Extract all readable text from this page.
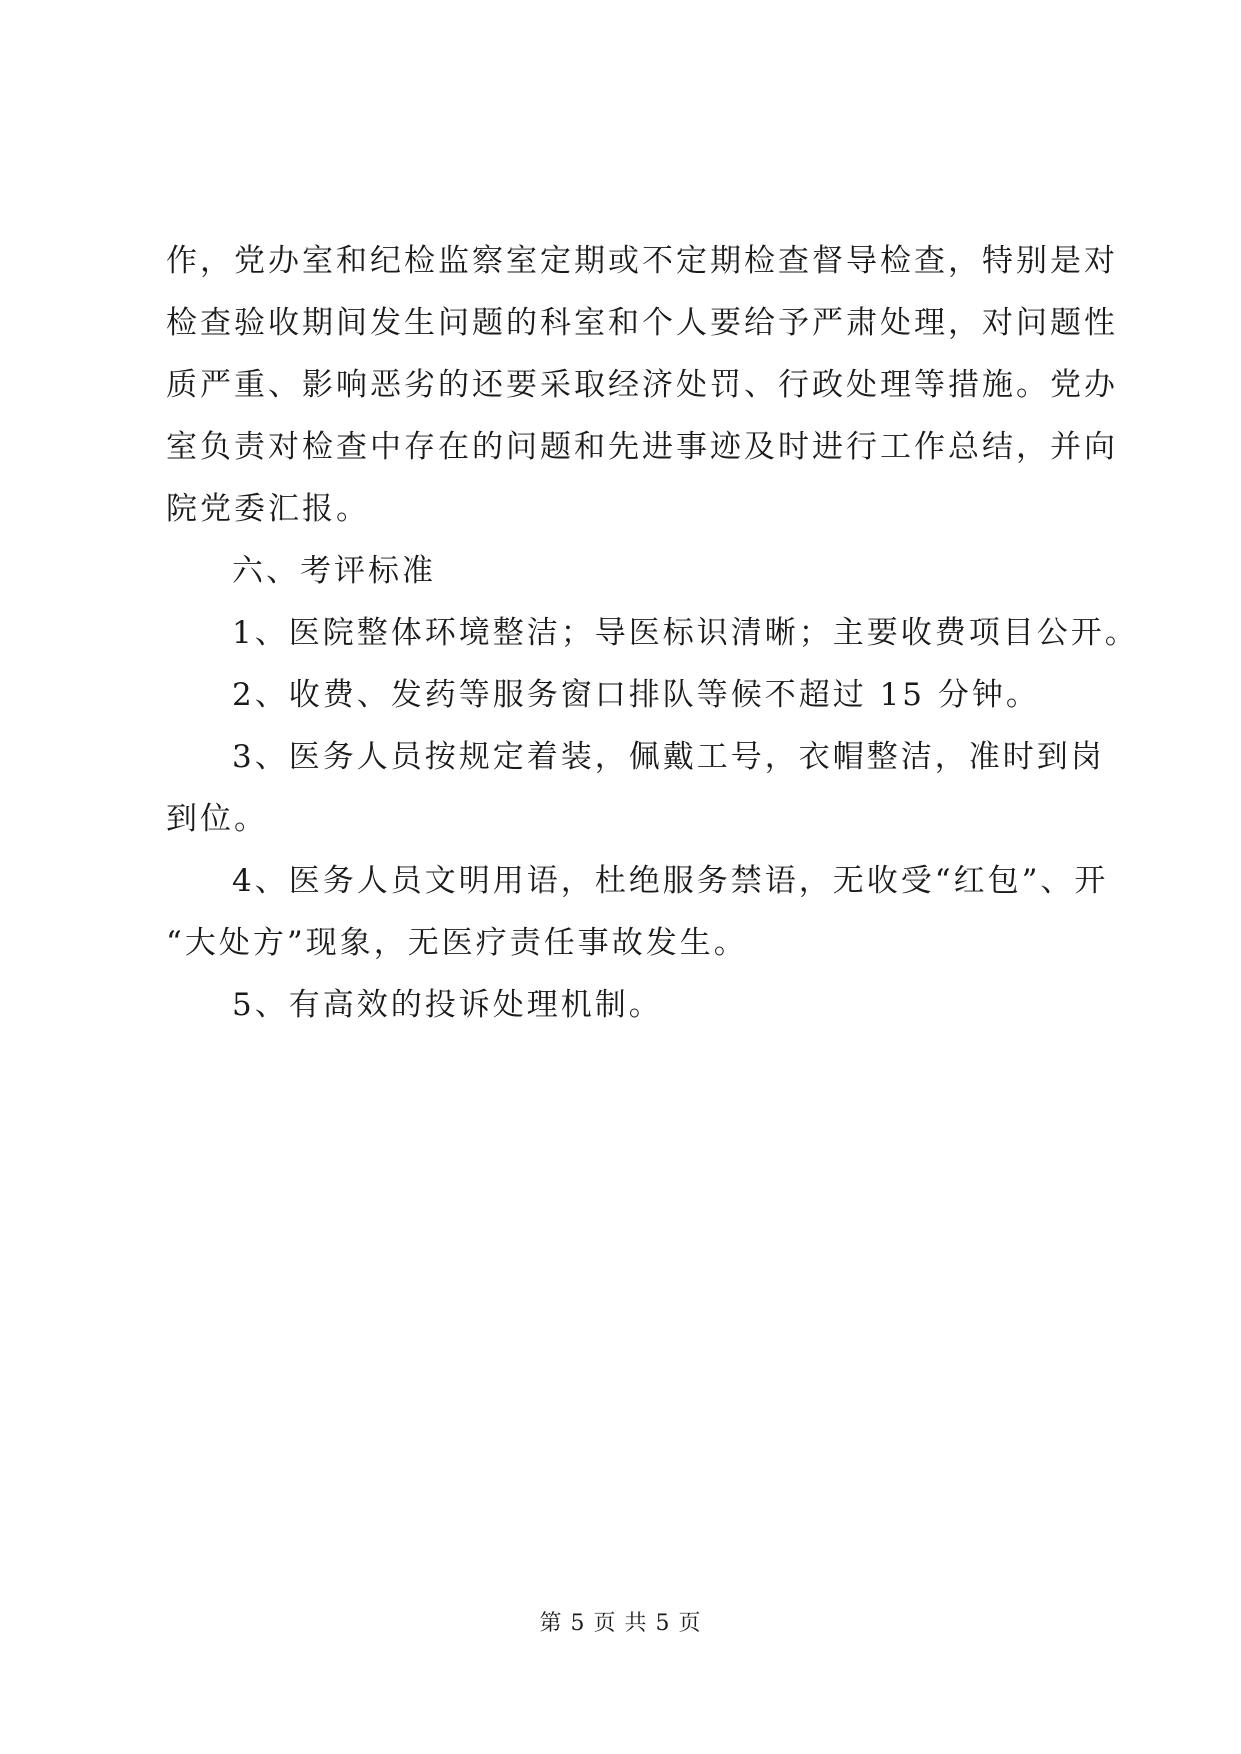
作，党办室和纪检监察室定期或不定期检查督导检查，特别是对
检查验收期间发生问题的科室和个人要给予严肃处理，对问题性
质严重、影响恶劣的还要采取经济处罚、行政处理等措施。党办
室负责对检查中存在的问题和先进事迹及时进行工作总结，并向
院党委汇报。
六、考评标准
1、医院整体环境整洁；导医标识清晰；主要收费项目公开。
2、收费、发药等服务窗口排队等候不超过 15 分钟。
3、医务人员按规定着装，佩戴工号，衣帽整洁，准时到岗
到位。
4、医务人员文明用语，杜绝服务禁语，无收受“红包”、开
“大处方”现象，无医疗责任事故发生。
5、有高效的投诉处理机制。
第 5 页 共 5 页
